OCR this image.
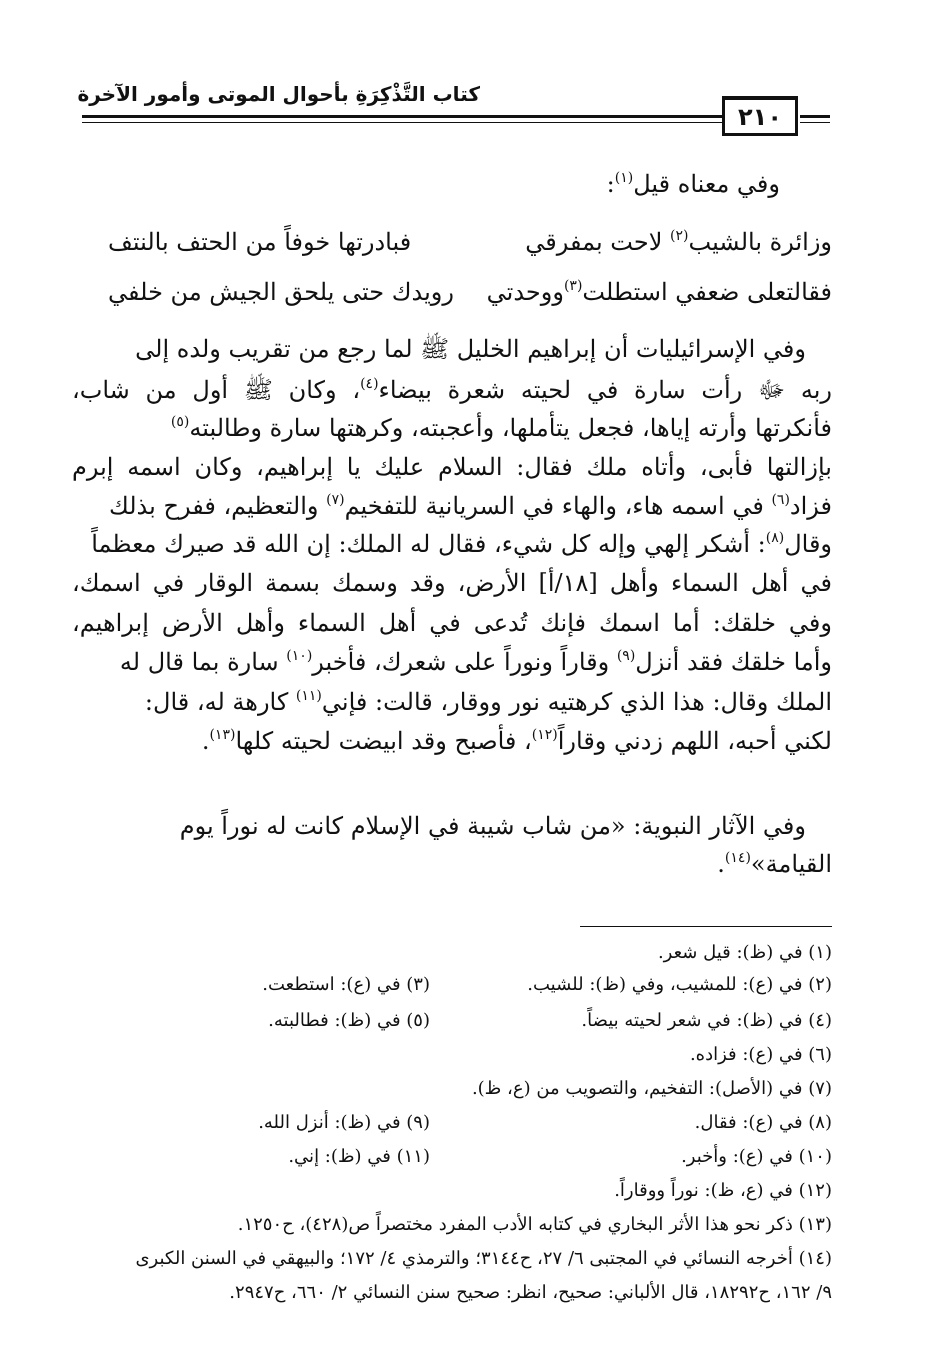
كتاب التَّذْكِرَةِ بأحوال الموتى وأمور الآخرة
٢١٠
وفي معناه قيل$^{(١)}$:
وزائرة بالشيب$^{(٢)}$ لاحت بمفرقي
فبادرتها خوفاً من الحتف بالنتف
فقالتعلى ضعفي استطلت$^{(٣)}$ووحدتي
رويدك حتى يلحق الجيش من خلفي
وفي الإسرائيليات أن إبراهيم الخليل ﷺ لما رجع من تقريب ولده إلى
ربه ﷻ رأت سارة في لحيته شعرة بيضاء$^{(٤)}$، وكان ﷺ أول من شاب،
فأنكرتها وأرته إياها، فجعل يتأملها، وأعجبته، وكرهتها سارة وطالبته$^{(٥)}$
بإزالتها فأبى، وأتاه ملك فقال: السلام عليك يا إبراهيم، وكان اسمه إبرم
فزاد$^{(٦)}$ في اسمه هاء، والهاء في السريانية للتفخيم$^{(٧)}$ والتعظيم، ففرح بذلك
وقال$^{(٨)}$: أشكر إلهي وإله كل شيء، فقال له الملك: إن الله قد صيرك معظماً
في أهل السماء وأهل [١٨/أ] الأرض، وقد وسمك بسمة الوقار في اسمك،
وفي خلقك: أما اسمك فإنك تُدعى في أهل السماء وأهل الأرض إبراهيم،
وأما خلقك فقد أنزل$^{(٩)}$ وقاراً ونوراً على شعرك، فأخبر$^{(١٠)}$ سارة بما قال له
الملك وقال: هذا الذي كرهتيه نور ووقار، قالت: فإني$^{(١١)}$ كارهة له، قال:
لكني أحبه، اللهم زدني وقاراً$^{(١٢)}$، فأصبح وقد ابيضت لحيته كلها$^{(١٣)}$.
وفي الآثار النبوية: «من شاب شيبة في الإسلام كانت له نوراً يوم
القيامة»$^{(١٤)}$.
(١) في (ظ): قيل شعر.
(٢) في (ع): للمشيب، وفي (ظ): للشيب.
(٣) في (ع): استطعت.
(٤) في (ظ): في شعر لحيته بيضاً.
(٥) في (ظ): فطالبته.
(٦) في (ع): فزاده.
(٧) في (الأصل): التفخيم، والتصويب من (ع، ظ).
(٨) في (ع): فقال.
(٩) في (ظ): أنزل الله.
(١٠) في (ع): وأخبر.
(١١) في (ظ): إني.
(١٢) في (ع، ظ): نوراً ووقاراً.
(١٣) ذكر نحو هذا الأثر البخاري في كتابه الأدب المفرد مختصراً ص(٤٢٨)، ح١٢٥٠.
(١٤) أخرجه النسائي في المجتبى ٦/ ٢٧، ح٣١٤٤؛ والترمذي ٤/ ١٧٢؛ والبيهقي في السنن الكبرى
٩/ ١٦٢، ح١٨٢٩٢، قال الألباني: صحيح، انظر: صحيح سنن النسائي ٢/ ٦٦٠، ح٢٩٤٧.
